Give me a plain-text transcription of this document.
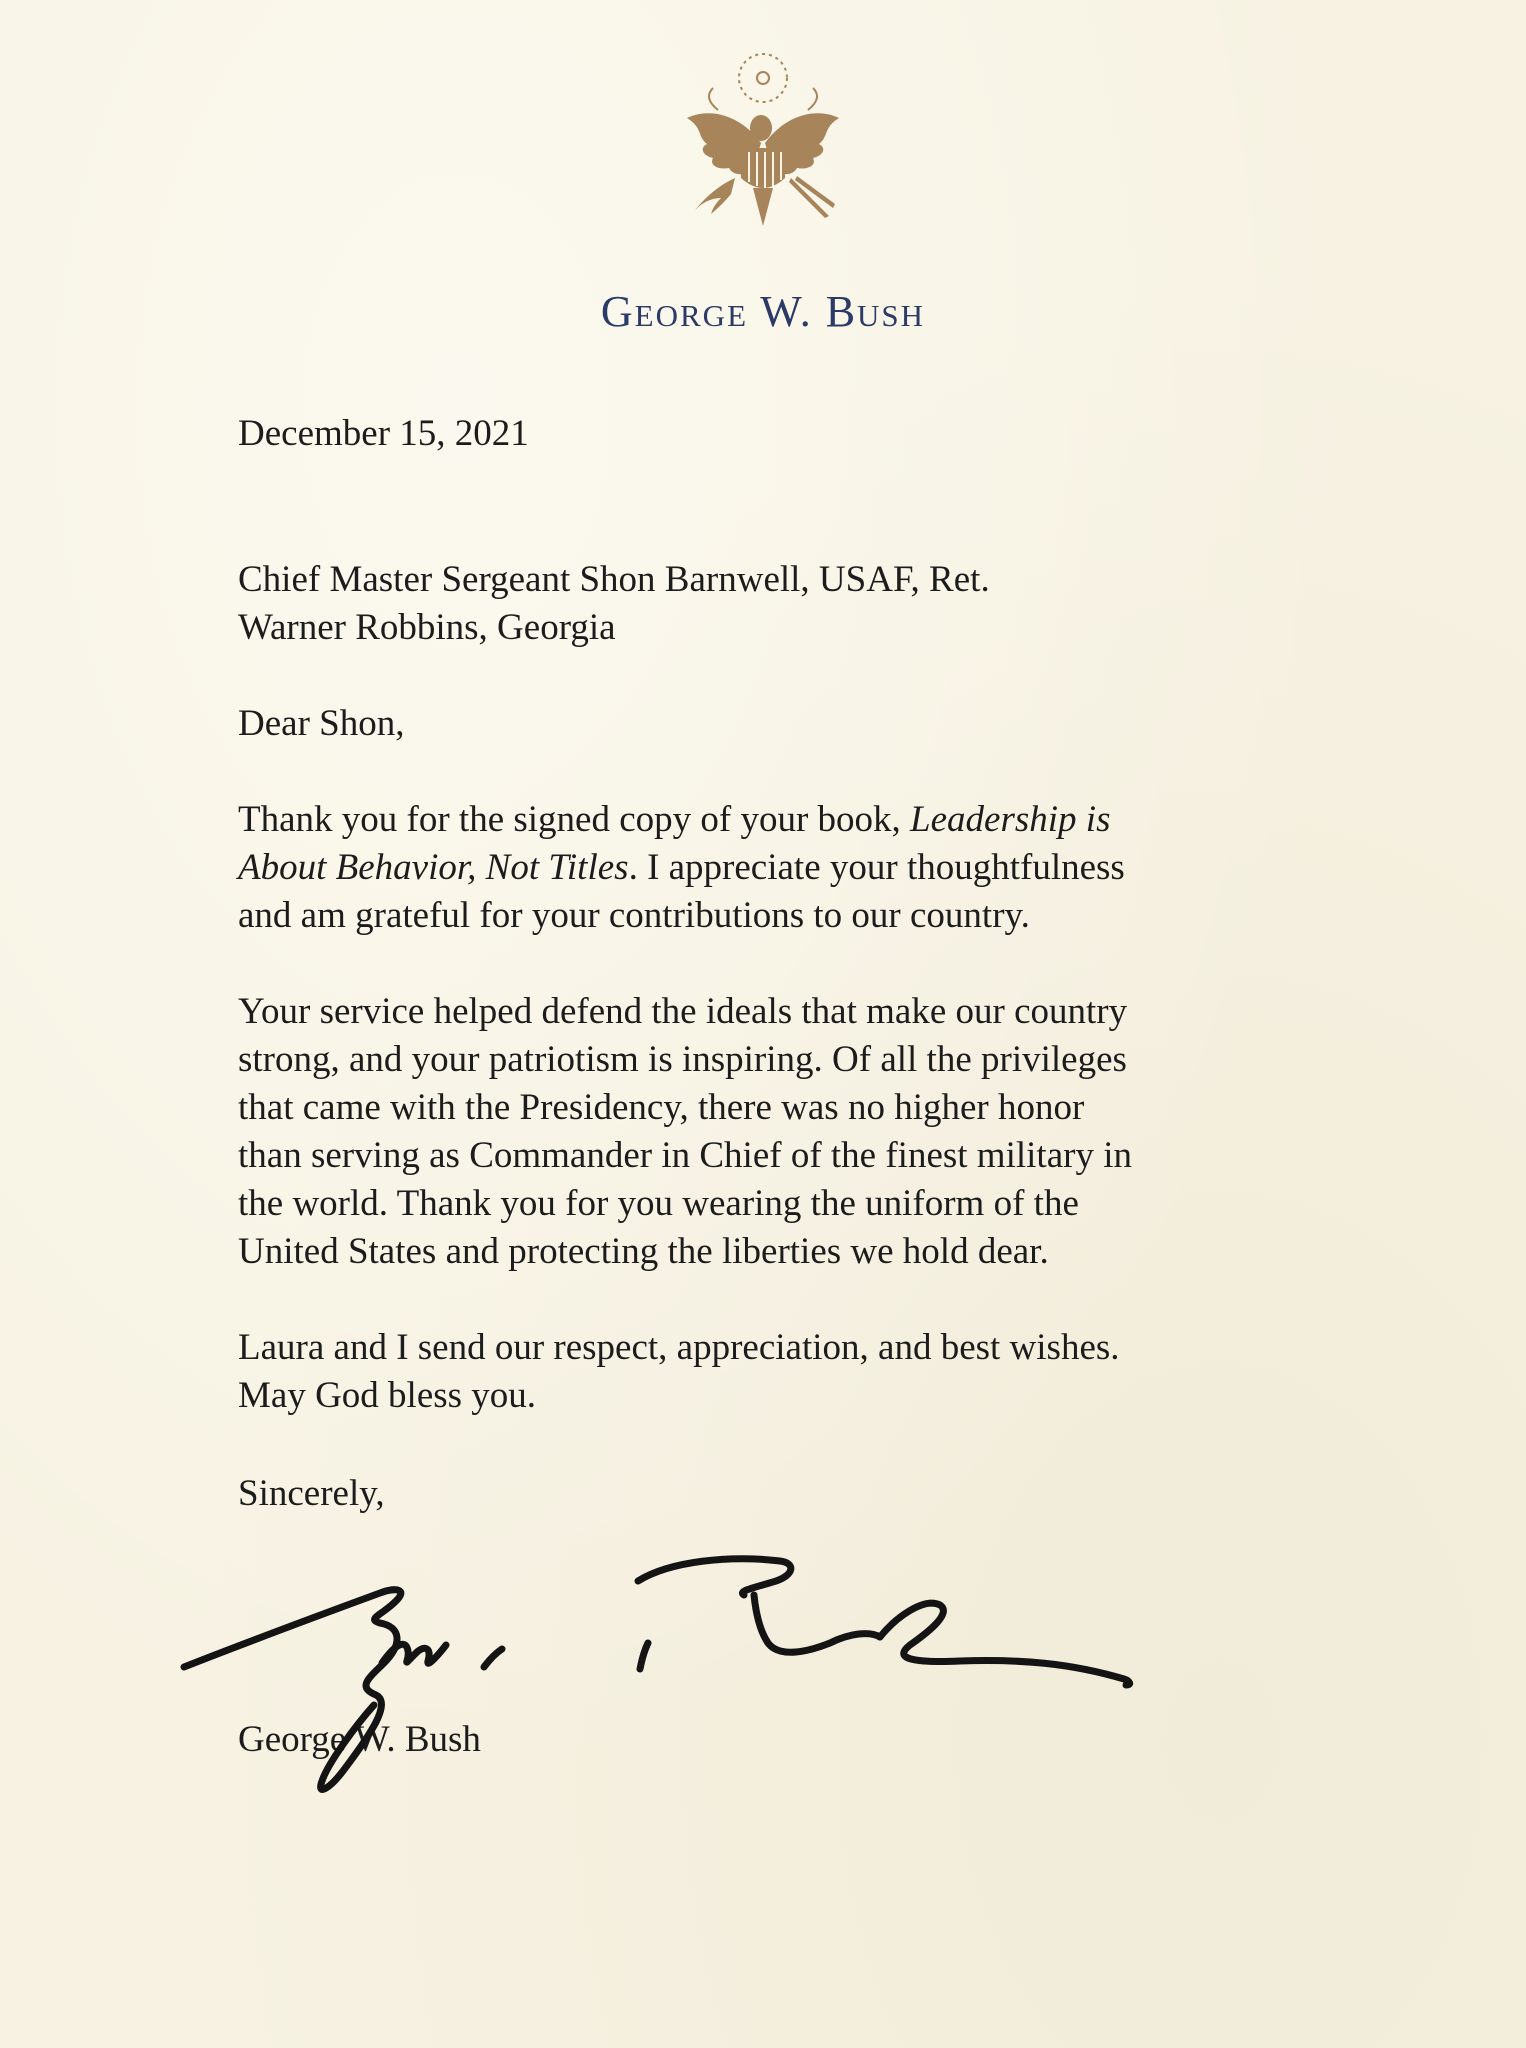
George W. Bush
December 15, 2021
Chief Master Sergeant Shon Barnwell, USAF, Ret.
Warner Robbins, Georgia
Dear Shon,
Thank you for the signed copy of your book, Leadership is
About Behavior, Not Titles. I appreciate your thoughtfulness
and am grateful for your contributions to our country.
Your service helped defend the ideals that make our country
strong, and your patriotism is inspiring. Of all the privileges
that came with the Presidency, there was no higher honor
than serving as Commander in Chief of the finest military in
the world. Thank you for you wearing the uniform of the
United States and protecting the liberties we hold dear.
Laura and I send our respect, appreciation, and best wishes.
May God bless you.
Sincerely,
George W. Bush
